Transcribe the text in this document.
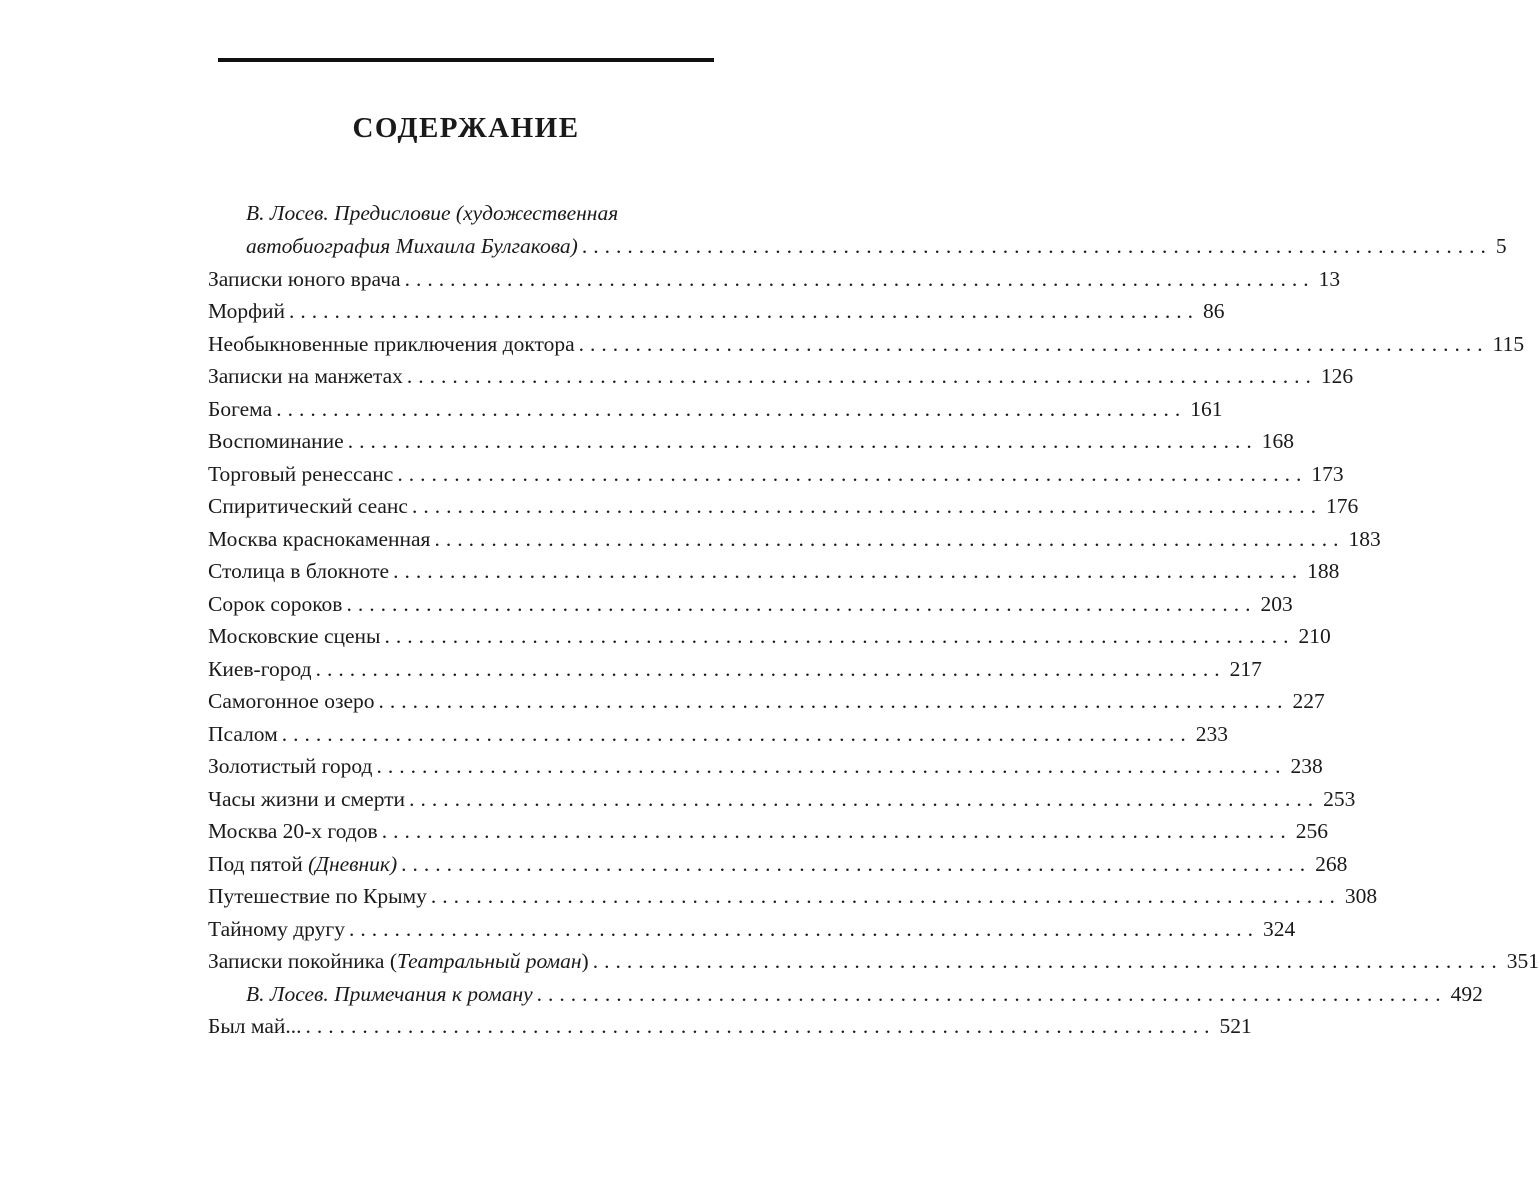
СОДЕРЖАНИЕ
В. Лосев. Предисловие (художественная
автобиография Михаила Булгакова) ................................................................................ 5
Записки юного врача ................................................................................ 13
Морфий ................................................................................ 86
Необыкновенные приключения доктора ................................................................................ 115
Записки на манжетах ................................................................................ 126
Богема ................................................................................ 161
Воспоминание ................................................................................ 168
Торговый ренессанс ................................................................................ 173
Спиритический сеанс ................................................................................ 176
Москва краснокаменная ................................................................................ 183
Столица в блокноте ................................................................................ 188
Сорок сороков ................................................................................ 203
Московские сцены ................................................................................ 210
Киев-город ................................................................................ 217
Самогонное озеро ................................................................................ 227
Псалом ................................................................................ 233
Золотистый город ................................................................................ 238
Часы жизни и смерти ................................................................................ 253
Москва 20-х годов ................................................................................ 256
Под пятой (Дневник) ................................................................................ 268
Путешествие по Крыму ................................................................................ 308
Тайному другу ................................................................................ 324
Записки покойника (Театральный роман) ................................................................................ 351
В. Лосев. Примечания к роману ................................................................................ 492
Был май... ................................................................................ 521
